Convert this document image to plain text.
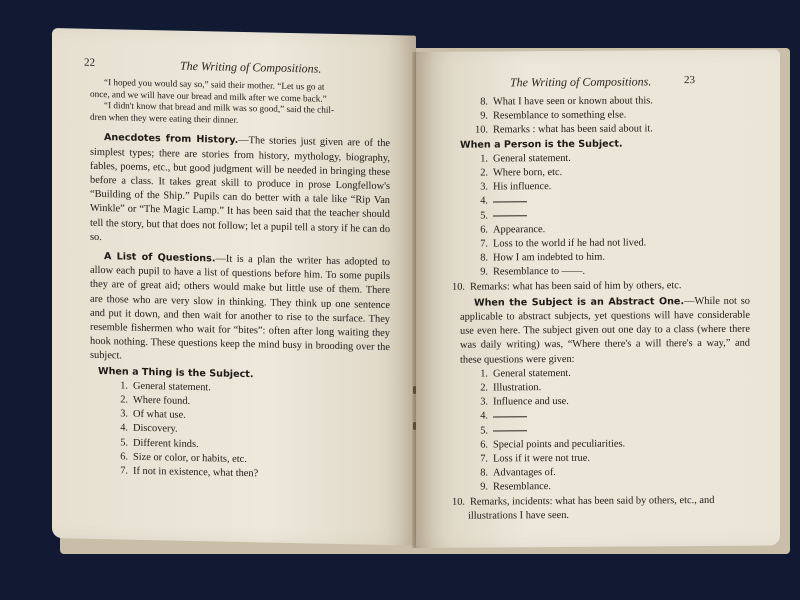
22	The Writing of Compositions.
“I hoped you would say so,” said their mother. “Let us go at
once, and we will have our bread and milk after we come back.”
“I didn't know that bread and milk was so good,” said the chil-
dren when they were eating their dinner.

Anecdotes from History.—The stories just given are of the simplest types; there are stories from history, mythology, biography, fables, poems, etc., but good judgment will be needed in bringing these before a class. It takes great skill to produce in prose Longfellow's “Building of the Ship.” Pupils can do better with a tale like “Rip Van Winkle” or “The Magic Lamp.” It has been said that the teacher should tell the story, but that does not follow; let a pupil tell a story if he can do so.

A List of Questions.—It is a plan the writer has adopted to allow each pupil to have a list of questions before him. To some pupils they are of great aid; others would make but little use of them. There are those who are very slow in thinking. They think up one sentence and put it down, and then wait for another to rise to the surface. They resemble fishermen who wait for “bites”: often after long waiting they hook nothing. These questions keep the mind busy in brooding over the subject.

When a Thing is the Subject.
1. General statement.
2. Where found.
3. Of what use.
4. Discovery.
5. Different kinds.
6. Size or color, or habits, etc.
7. If not in existence, what then?
The Writing of Compositions.	23
8. What I have seen or known about this.
9. Resemblance to something else.
10. Remarks : what has been said about it.
When a Person is the Subject.
1. General statement.
2. Where born, etc.
3. His influence.
4.
5.
6. Appearance.
7. Loss to the world if he had not lived.
8. How I am indebted to him.
9. Resemblance to ——.
10. Remarks: what has been said of him by others, etc.

When the Subject is an Abstract One.—While not so applicable to abstract subjects, yet questions will have considerable use even here. The subject given out one day to a class (where there was daily writing) was, “Where there's a will there's a way,” and these questions were given:

1. General statement.
2. Illustration.
3. Influence and use.
4.
5.
6. Special points and peculiarities.
7. Loss if it were not true.
8. Advantages of.
9. Resemblance.
10. Remarks, incidents: what has been said by others, etc., and illustrations I have seen.
